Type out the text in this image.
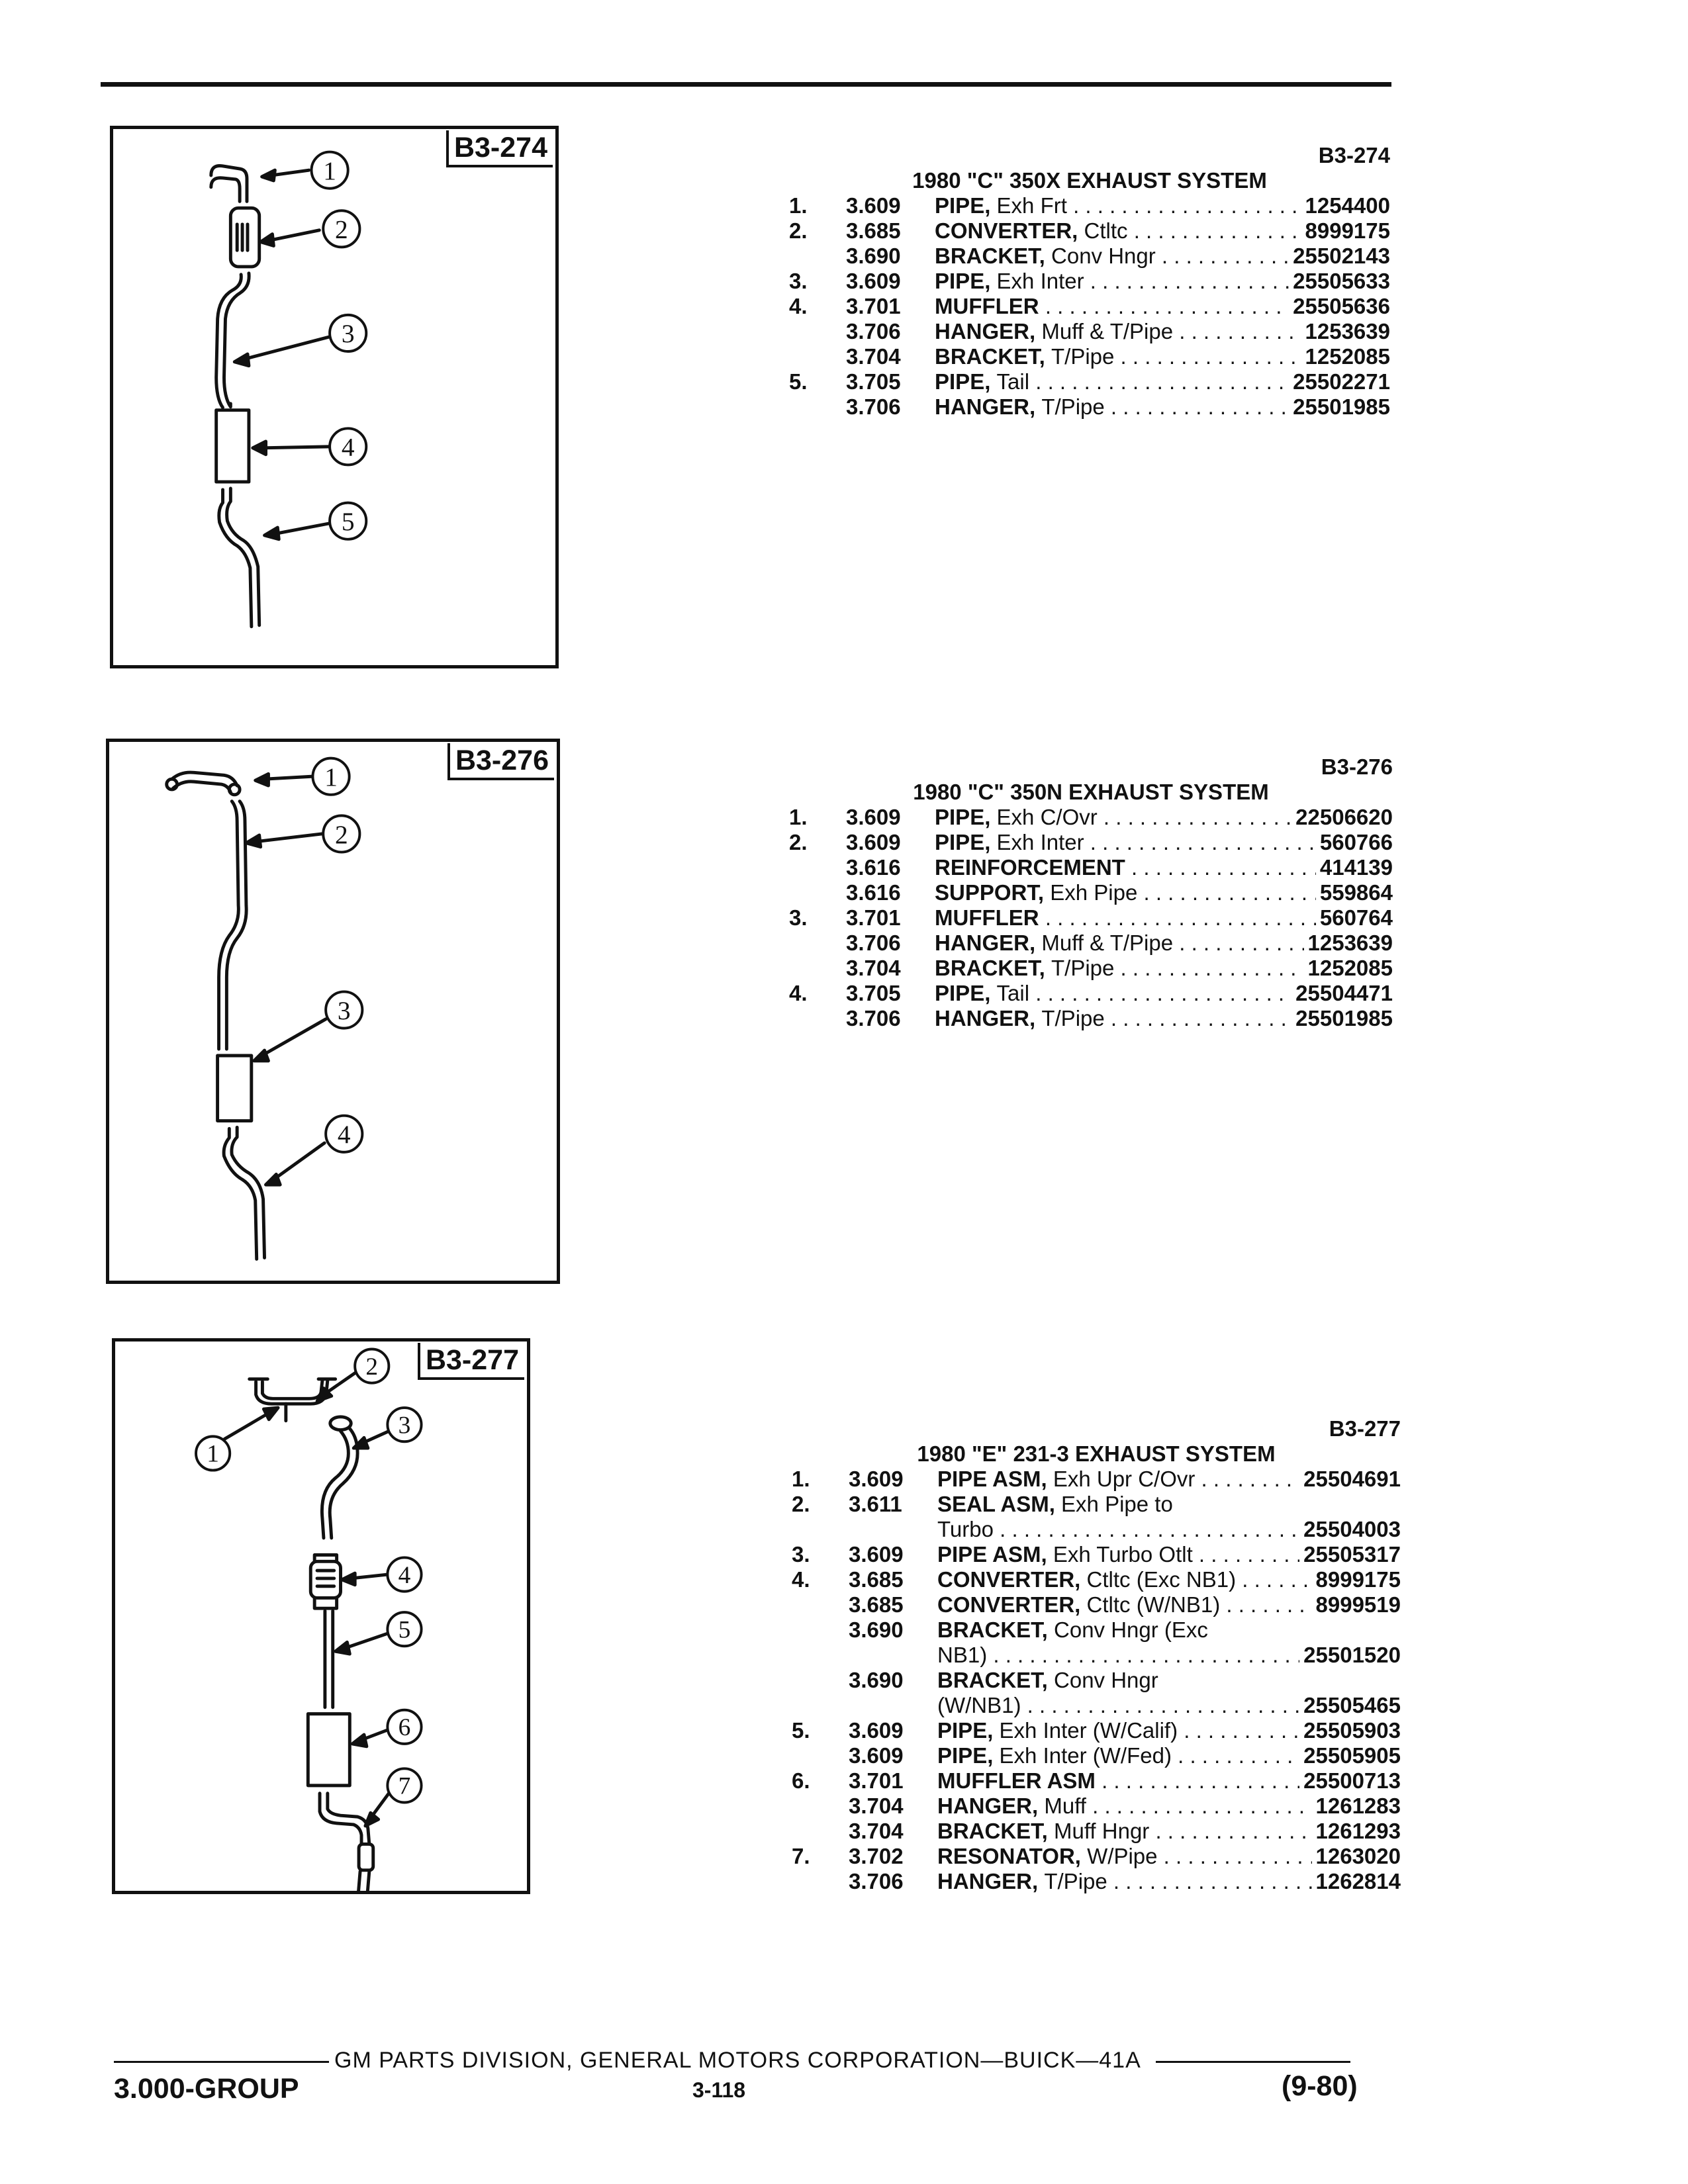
1
2
3
4
5
B3-274
1
2
3
4
B3-276
1
2
3
4
5
6
7
B3-277
B3-274
1980 "C" 350X EXHAUST SYSTEM
1.	3.609 PIPE, Exh Frt . . .	1254400
2.	3.685 CONVERTER, Ctltc . . .	8999175
3.690 BRACKET, Conv Hngr . . .	25502143
3.	3.609 PIPE, Exh Inter . . .	25505633
4.	3.701 MUFFLER . . .	25505636
3.706 HANGER, Muff & T/Pipe . . .	1253639
3.704 BRACKET, T/Pipe . . .	1252085
5.	3.705 PIPE, Tail . . .	25502271
3.706 HANGER, T/Pipe . . .	25501985
B3-276
1980 "C" 350N EXHAUST SYSTEM
1.	3.609 PIPE, Exh C/Ovr . . .	22506620
2.	3.609 PIPE, Exh Inter . . .	560766
3.616 REINFORCEMENT . . .	414139
3.616 SUPPORT, Exh Pipe . . .	559864
3.	3.701 MUFFLER . . .	560764
3.706 HANGER, Muff & T/Pipe . . .	1253639
3.704 BRACKET, T/Pipe . . .	1252085
4.	3.705 PIPE, Tail . . .	25504471
3.706 HANGER, T/Pipe . . .	25501985
B3-277
1980 "E" 231-3 EXHAUST SYSTEM
1.	3.609 PIPE ASM, Exh Upr C/Ovr . . .	25504691
2.	3.611 SEAL ASM, Exh Pipe to
Turbo . . .	25504003
3.	3.609 PIPE ASM, Exh Turbo Otlt . . .	25505317
4.	3.685 CONVERTER, Ctltc (Exc NB1) . . .	8999175
3.685 CONVERTER, Ctltc (W/NB1) . . .	8999519
3.690 BRACKET, Conv Hngr (Exc
NB1) . . .	25501520
3.690 BRACKET, Conv Hngr
(W/NB1) . . .	25505465
5.	3.609 PIPE, Exh Inter (W/Calif) . . .	25505903
3.609 PIPE, Exh Inter (W/Fed) . . .	25505905
6.	3.701 MUFFLER ASM . . .	25500713
3.704 HANGER, Muff . . .	1261283
3.704 BRACKET, Muff Hngr . . .	1261293
7.	3.702 RESONATOR, W/Pipe . . .	1263020
3.706 HANGER, T/Pipe . . .	1262814
GM PARTS DIVISION, GENERAL MOTORS CORPORATION—BUICK—41A
3.000-GROUP	3-118	(9-80)
